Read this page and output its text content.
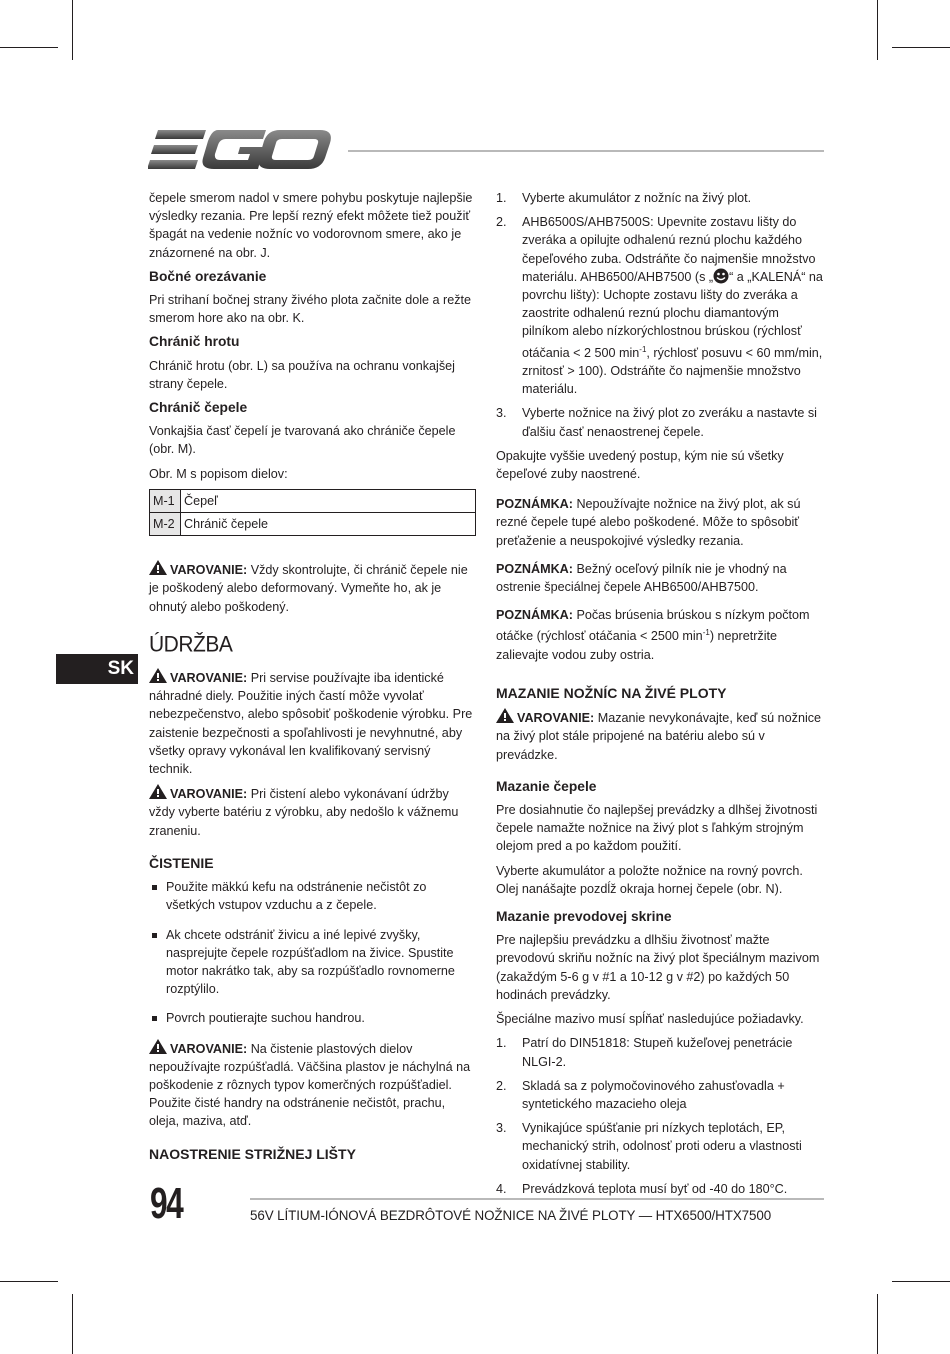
SK

čepele smerom nadol v smere pohybu poskytuje najlepšie výsledky rezania. Pre lepší rezný efekt môžete tiež použiť špagát na vedenie nožníc vo vodorovnom smere, ako je znázornené na obr. J.

Bočné orezávanie

Pri strihaní bočnej strany živého plota začnite dole a režte smerom hore ako na obr. K.

Chránič hrotu

Chránič hrotu (obr. L) sa používa na ochranu vonkajšej strany čepele.

Chránič čepele

Vonkajšia časť čepelí je tvarovaná ako chrániče čepele (obr. M).

Obr. M s popisom dielov:

M-1	Čepeľ
M-2	Chránič čepele

VAROVANIE: Vždy skontrolujte, či chránič čepele nie je poškodený alebo deformovaný. Vymeňte ho, ak je ohnutý alebo poškodený.

ÚDRŽBA

VAROVANIE: Pri servise používajte iba identické náhradné diely. Použitie iných častí môže vyvolať nebezpečenstvo, alebo spôsobiť poškodenie výrobku. Pre zaistenie bezpečnosti a spoľahlivosti je nevyhnutné, aby všetky opravy vykonával len kvalifikovaný servisný technik.

VAROVANIE: Pri čistení alebo vykonávaní údržby vždy vyberte batériu z výrobku, aby nedošlo k vážnemu zraneniu.

ČISTENIE
Použite mäkkú kefu na odstránenie nečistôt zo všetkých vstupov vzduchu a z čepele.
Ak chcete odstrániť živicu a iné lepivé zvyšky, nasprejujte čepele rozpúšťadlom na živice. Spustite motor nakrátko tak, aby sa rozpúšťadlo rovnomerne rozptýlilo.
Povrch poutierajte suchou handrou.

VAROVANIE: Na čistenie plastových dielov nepoužívajte rozpúšťadlá. Väčšina plastov je náchylná na poškodenie z rôznych typov komerčných rozpúšťadiel. Použite čisté handry na odstránenie nečistôt, prachu, oleja, maziva, atď.

NAOSTRENIE STRIŽNEJ LIŠTY
1. Vyberte akumulátor z nožníc na živý plot.
2. AHB6500S/AHB7500S: Upevnite zostavu lišty do zveráka a opilujte odhalenú reznú plochu každého čepeľového zuba. Odstráňte čo najmenšie množstvo materiálu. AHB6500/AHB7500 (s „ “ a „KALENÁ“ na povrchu lišty): Uchopte zostavu lišty do zveráka a zaostrite odhalenú reznú plochu diamantovým pilníkom alebo nízkorýchlostnou brúskou (rýchlosť otáčania < 2 500 $\min^{-1}$, rýchlosť posuvu < 60 mm/min, zrnitosť > 100). Odstráňte čo najmenšie množstvo materiálu.
3. Vyberte nožnice na živý plot zo zveráku a nastavte si ďalšiu časť nenaostrenej čepele.

Opakujte vyššie uvedený postup, kým nie sú všetky čepeľové zuby naostrené.

POZNÁMKA: Nepoužívajte nožnice na živý plot, ak sú rezné čepele tupé alebo poškodené. Môže to spôsobiť preťaženie a neuspokojivé výsledky rezania.

POZNÁMKA: Bežný oceľový pilník nie je vhodný na ostrenie špeciálnej čepele AHB6500/AHB7500.

POZNÁMKA: Počas brúsenia brúskou s nízkym počtom otáčke (rýchlosť otáčania < 2500 $\min^{-1}$) nepretržite zalievajte vodou zuby ostria.

MAZANIE NOŽNÍC NA ŽIVÉ PLOTY

VAROVANIE: Mazanie nevykonávajte, keď sú nožnice na živý plot stále pripojené na batériu alebo sú v prevádzke.

Mazanie čepele

Pre dosiahnutie čo najlepšej prevádzky a dlhšej životnosti čepele namažte nožnice na živý plot s ľahkým strojným olejom pred a po každom použití.

Vyberte akumulátor a položte nožnice na rovný povrch. Olej nanášajte pozdĺž okraja hornej čepele (obr. N).

Mazanie prevodovej skrine

Pre najlepšiu prevádzku a dlhšiu životnosť mažte prevodovú skriňu nožníc na živý plot špeciálnym mazivom (zakaždým 5-6 g v #1 a 10-12 g v #2) po každých 50 hodinách prevádzky.

Špeciálne mazivo musí spĺňať nasledujúce požiadavky.

1. Patrí do DIN51818: Stupeň kužeľovej penetrácie NLGI-2.
2. Skladá sa z polymočovinového zahusťovadla + syntetického mazacieho oleja
3. Vynikajúce spúšťanie pri nízkych teplotách, EP, mechanický strih, odolnosť proti oderu a vlastnosti oxidatívnej stability.
4. Prevádzková teplota musí byť od -40 do 180°C.
94	56V LÍTIUM-IÓNOVÁ BEZDRÔTOVÉ NOŽNICE NA ŽIVÉ PLOTY — HTX6500/HTX7500
